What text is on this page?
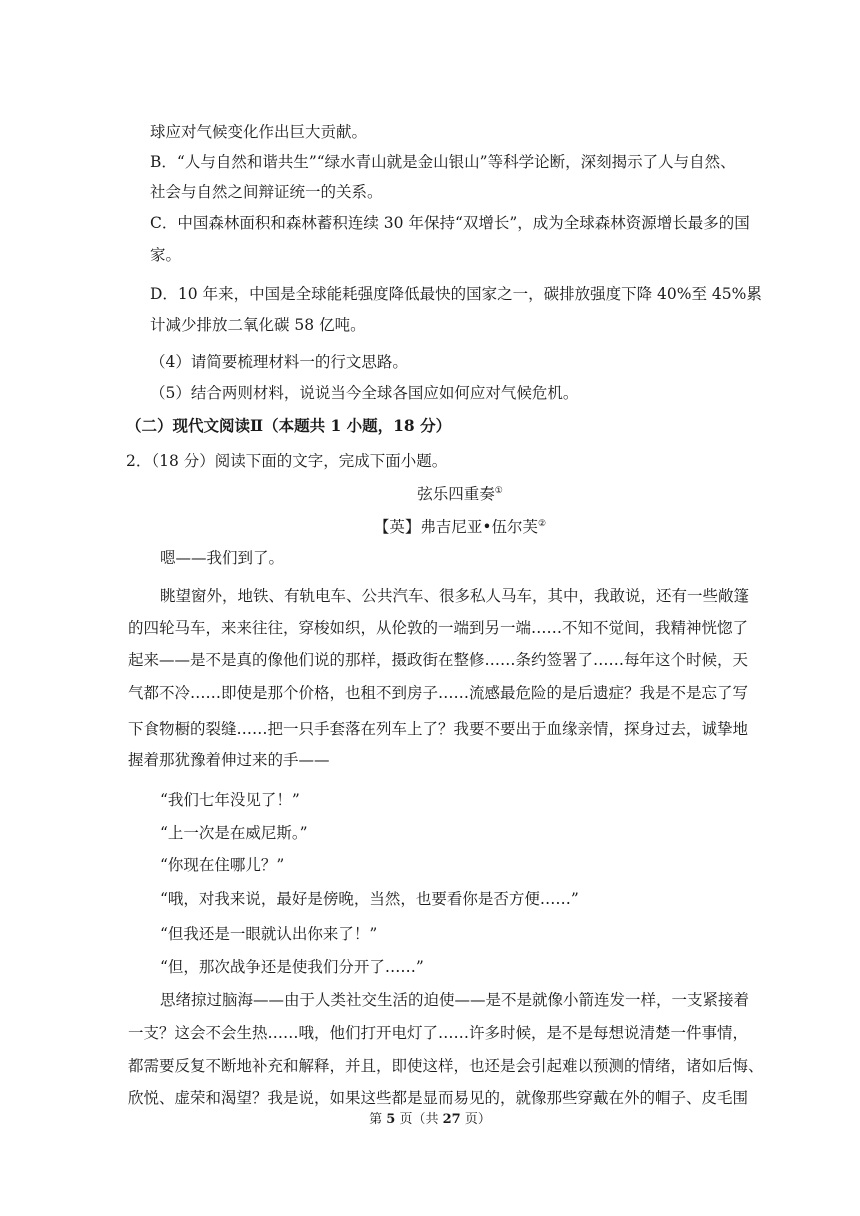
球应对气候变化作出巨大贡献。
B．“人与自然和谐共生”“绿水青山就是金山银山”等科学论断，深刻揭示了人与自然、
社会与自然之间辩证统一的关系。
C．中国森林面积和森林蓄积连续 30 年保持“双增长”，成为全球森林资源增长最多的国
家。
D．10 年来，中国是全球能耗强度降低最快的国家之一，碳排放强度下降 40%至 45%累
计减少排放二氧化碳 58 亿吨。
（4）请简要梳理材料一的行文思路。
（5）结合两则材料，说说当今全球各国应如何应对气候危机。
（二）现代文阅读Ⅱ（本题共 1 小题，18 分）
2．（18 分）阅读下面的文字，完成下面小题。
弦乐四重奏①
【英】弗吉尼亚•伍尔芙②
嗯——我们到了。
眺望窗外，地铁、有轨电车、公共汽车、很多私人马车，其中，我敢说，还有一些敞篷
的四轮马车，来来往往，穿梭如织，从伦敦的一端到另一端……不知不觉间，我精神恍惚了
起来——是不是真的像他们说的那样，摄政街在整修……条约签署了……每年这个时候，天
气都不冷……即使是那个价格，也租不到房子……流感最危险的是后遗症？我是不是忘了写
下食物橱的裂缝……把一只手套落在列车上了？我要不要出于血缘亲情，探身过去，诚挚地
握着那犹豫着伸过来的手——
“我们七年没见了！”
“上一次是在威尼斯。”
“你现在住哪儿？”
“哦，对我来说，最好是傍晚，当然，也要看你是否方便……”
“但我还是一眼就认出你来了！”
“但，那次战争还是使我们分开了……”
思绪掠过脑海——由于人类社交生活的迫使——是不是就像小箭连发一样，一支紧接着
一支？这会不会生热……哦，他们打开电灯了……许多时候，是不是每想说清楚一件事情，
都需要反复不断地补充和解释，并且，即使这样，也还是会引起难以预测的情绪，诸如后悔、
欣悦、虚荣和渴望？我是说，如果这些都是显而易见的，就像那些穿戴在外的帽子、皮毛围
第 5 页（共 27 页）
